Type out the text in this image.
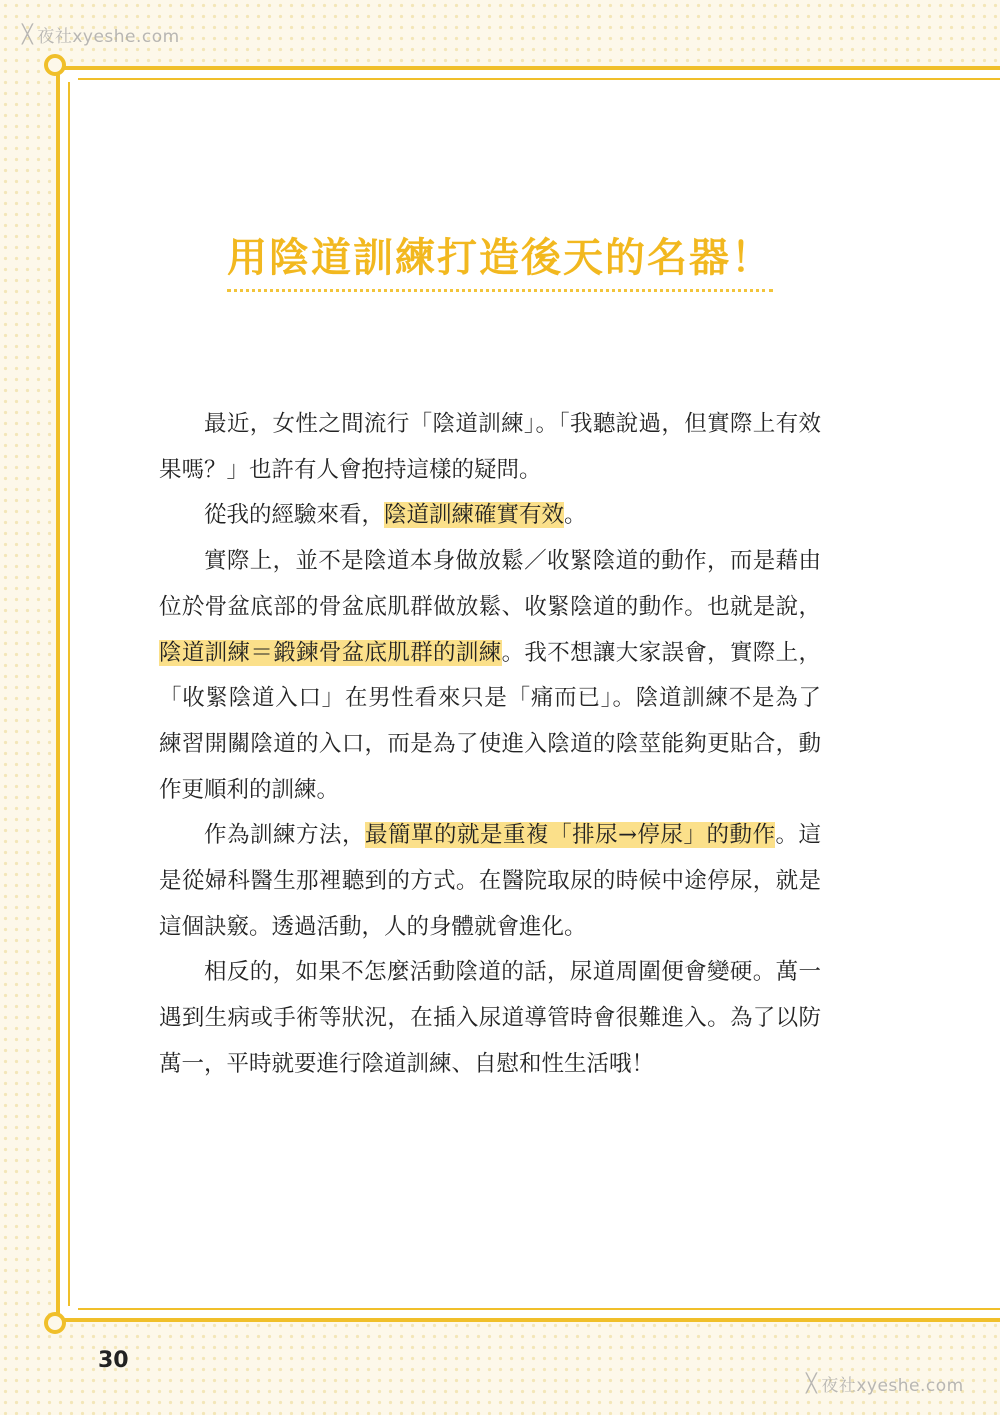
╳ 夜社xyeshe.com
用陰道訓練打造後天的名器！

最近，女性之間流行「陰道訓練」。「我聽說過，但實際上有效果嗎？」也許有人會抱持這樣的疑問。

從我的經驗來看，陰道訓練確實有效。

實際上，並不是陰道本身做放鬆／收緊陰道的動作，而是藉由位於骨盆底部的骨盆底肌群做放鬆、收緊陰道的動作。也就是說，陰道訓練＝鍛鍊骨盆底肌群的訓練。我不想讓大家誤會，實際上，「收緊陰道入口」在男性看來只是「痛而已」。陰道訓練不是為了練習開關陰道的入口，而是為了使進入陰道的陰莖能夠更貼合，動作更順利的訓練。

作為訓練方法，最簡單的就是重複「排尿→停尿」的動作。這是從婦科醫生那裡聽到的方式。在醫院取尿的時候中途停尿，就是這個訣竅。透過活動，人的身體就會進化。

相反的，如果不怎麼活動陰道的話，尿道周圍便會變硬。萬一遇到生病或手術等狀況，在插入尿道導管時會很難進入。為了以防萬一，平時就要進行陰道訓練、自慰和性生活哦！

30
╳ 夜社xyeshe.com
